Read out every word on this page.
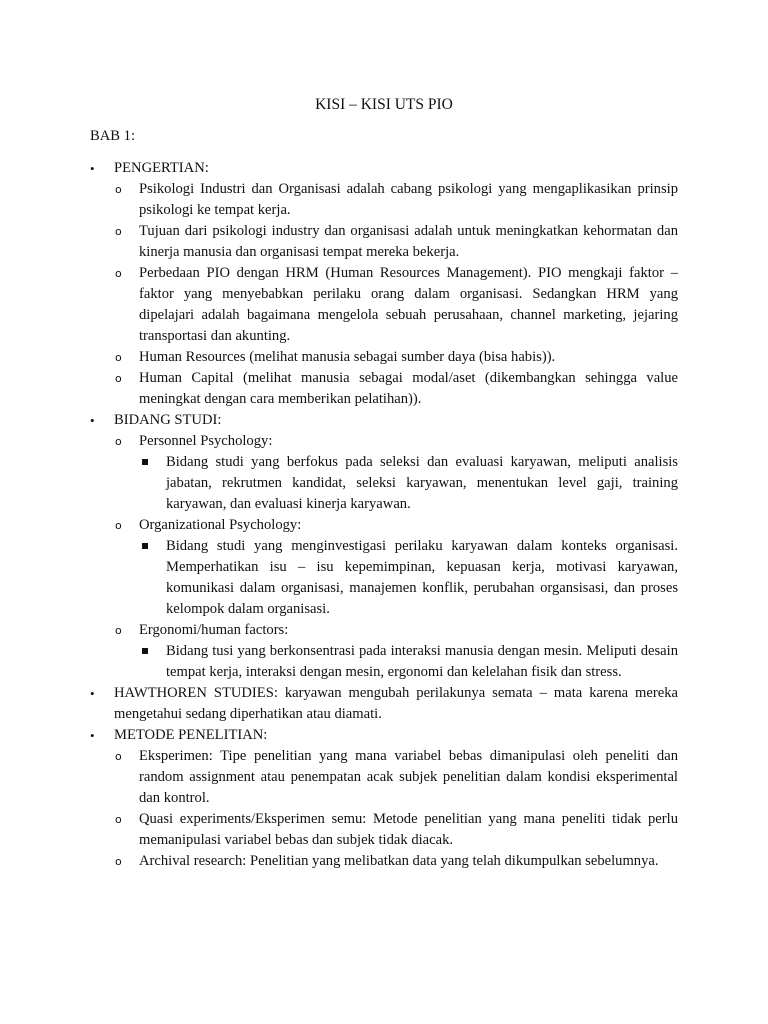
KISI – KISI UTS PIO
BAB 1:
•	PENGERTIAN:
o Psikologi Industri dan Organisasi adalah cabang psikologi yang mengaplikasikan prinsip psikologi ke tempat kerja.
o Tujuan dari psikologi industry dan organisasi adalah untuk meningkatkan kehormatan dan kinerja manusia dan organisasi tempat mereka bekerja.
o Perbedaan PIO dengan HRM (Human Resources Management). PIO mengkaji faktor – faktor yang menyebabkan perilaku orang dalam organisasi. Sedangkan HRM yang dipelajari adalah bagaimana mengelola sebuah perusahaan, channel marketing, jejaring transportasi dan akunting.
o Human Resources (melihat manusia sebagai sumber daya (bisa habis)).
o Human Capital (melihat manusia sebagai modal/aset (dikembangkan sehingga value meningkat dengan cara memberikan pelatihan)).
•	BIDANG STUDI:
o Personnel Psychology:
Bidang studi yang berfokus pada seleksi dan evaluasi karyawan, meliputi analisis jabatan, rekrutmen kandidat, seleksi karyawan, menentukan level gaji, training karyawan, dan evaluasi kinerja karyawan.
o Organizational Psychology:
Bidang studi yang menginvestigasi perilaku karyawan dalam konteks organisasi. Memperhatikan isu – isu kepemimpinan, kepuasan kerja, motivasi karyawan, komunikasi dalam organisasi, manajemen konflik, perubahan organsisasi, dan proses kelompok dalam organisasi.
o Ergonomi/human factors:
Bidang tusi yang berkonsentrasi pada interaksi manusia dengan mesin. Meliputi desain tempat kerja, interaksi dengan mesin, ergonomi dan kelelahan fisik dan stress.
•	HAWTHOREN STUDIES: karyawan mengubah perilakunya semata – mata karena mereka mengetahui sedang diperhatikan atau diamati.
•	METODE PENELITIAN:
o Eksperimen: Tipe penelitian yang mana variabel bebas dimanipulasi oleh peneliti dan random assignment atau penempatan acak subjek penelitian dalam kondisi eksperimental dan kontrol.
o Quasi experiments/Eksperimen semu: Metode penelitian yang mana peneliti tidak perlu memanipulasi variabel bebas dan subjek tidak diacak.
o Archival research: Penelitian yang melibatkan data yang telah dikumpulkan sebelumnya.
